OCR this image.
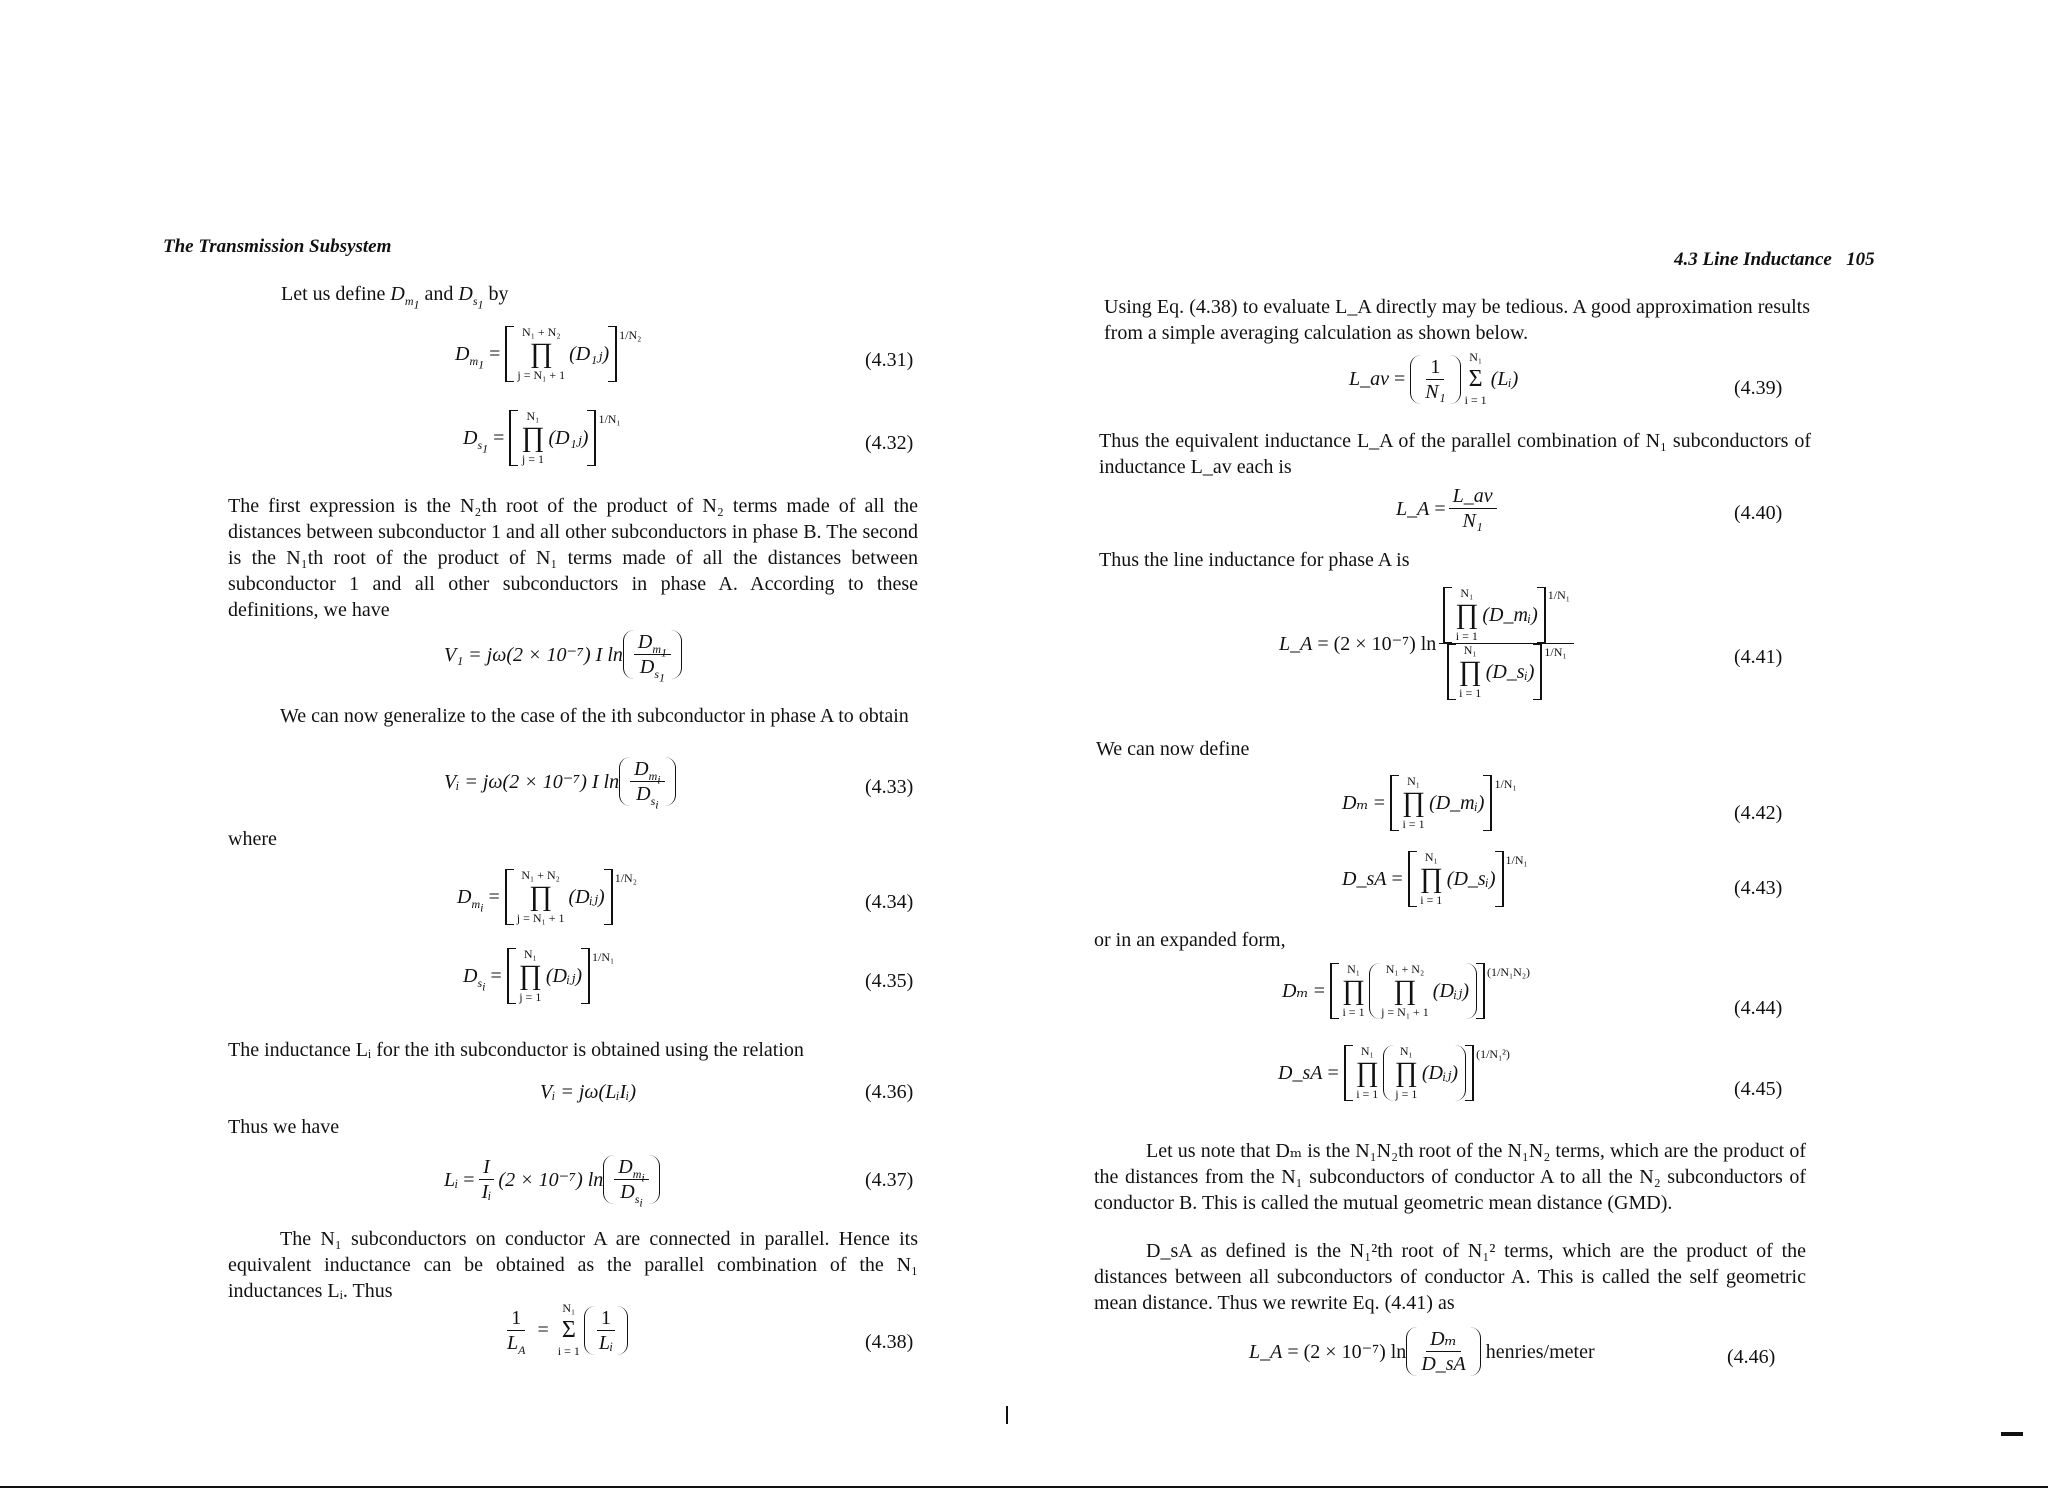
The Transmission Subsystem
Let us define $D_{m_1}$ and $D_{s_1}$ by
$D_{m_1}$ =
N₁ + N₂
∏
j = N₁ + 1
(D₁ⱼ)
1/N₂
(4.31)
$D_{s_1}$ =
N₁
∏
j = 1
(D₁ⱼ)
1/N₁
(4.32)

The first expression is the N₂th root of the product of N₂ terms made of all the distances between subconductor 1 and all other subconductors in phase B. The second is the N₁th root of the product of N₁ terms made of all the distances between subconductor 1 and all other subconductors in phase A. According to these definitions, we have

V₁ = jω(2 × 10⁻⁷) I $\ln \frac{D_{m_1}}{D_{s_1}}$

We can now generalize to the case of the ith subconductor in phase A to obtain

Vᵢ = jω(2 × 10⁻⁷) I $\ln \frac{D_{m_i}}{D_{s_i}}$	(4.33)
where
$D_{m_i}$ =
N₁ + N₂
∏
j = N₁ + 1
(Dᵢⱼ)
1/N₂
(4.34)
$D_{s_i}$ =
N₁
∏
j = 1
(Dᵢⱼ)
1/N₁
(4.35)

The inductance Lᵢ for the ith subconductor is obtained using the relation

Vᵢ = jω(LᵢIᵢ)	(4.36)
Thus we have
Lᵢ = $\frac{I}{\text{Iᵢ}} (2 \times 10^{-7})$ $\ln \frac{D_{m_i}}{D_{s_i}}$	(4.37)

The N₁ subconductors on conductor A are connected in parallel. Hence its equivalent inductance can be obtained as the parallel combination of the N₁ inductances Lᵢ. Thus

$\frac{1}{L_A}$ =
N₁
Σ
$i = 1 \frac{1}{\text{Lᵢ}}$	(4.38)
4.3 Line Inductance 105

Using Eq. (4.38) to evaluate L_A directly may be tedious. A good approximation results from a simple averaging calculation as shown below.

L_av = $\frac{1}{\text{N₁}} N_1$
Σ
i = 1
(Lᵢ)	(4.39)

Thus the equivalent inductance L_A of the parallel combination of N₁ subconductors of inductance L_av each is

L_A = $\frac{L\_av}{\text{N₁}}$	(4.40)
Thus the line inductance for phase A is
L_A
= (2 × 10⁻⁷) ln N₁
∏
i = 1
(D_mᵢ)
1/N₁
N₁
∏
i = 1
(D_sᵢ)
1/N₁	(4.41)
We can now define
Dₘ =
N₁
∏
i = 1
(D_mᵢ)
1/N₁
(4.42)
D_sA =
N₁
∏
i = 1
(D_sᵢ)
1/N₁
(4.43)
or in an expanded form,
Dₘ =
N₁
∏
i = 1
N₁ + N₂
∏
j = N₁ + 1
(Dᵢⱼ)
(1/N₁N₂)
(4.44)
D_sA =
N₁
∏
i = 1
N₁
∏
j = 1
(Dᵢⱼ)
(1/N₁²)
(4.45)

Let us note that Dₘ is the N₁N₂th root of the N₁N₂ terms, which are the product of the distances from the N₁ subconductors of conductor A to all the N₂ subconductors of conductor B. This is called the mutual geometric mean distance (GMD).

D_sA as defined is the N₁²th root of N₁² terms, which are the product of the distances between all subconductors of conductor A. This is called the self geometric mean distance. Thus we rewrite Eq. (4.41) as

L_A
= (2 × 10⁻⁷) $\ln \frac{\text{Dₘ}}{D\_sA}$
henries/meter	(4.46)
